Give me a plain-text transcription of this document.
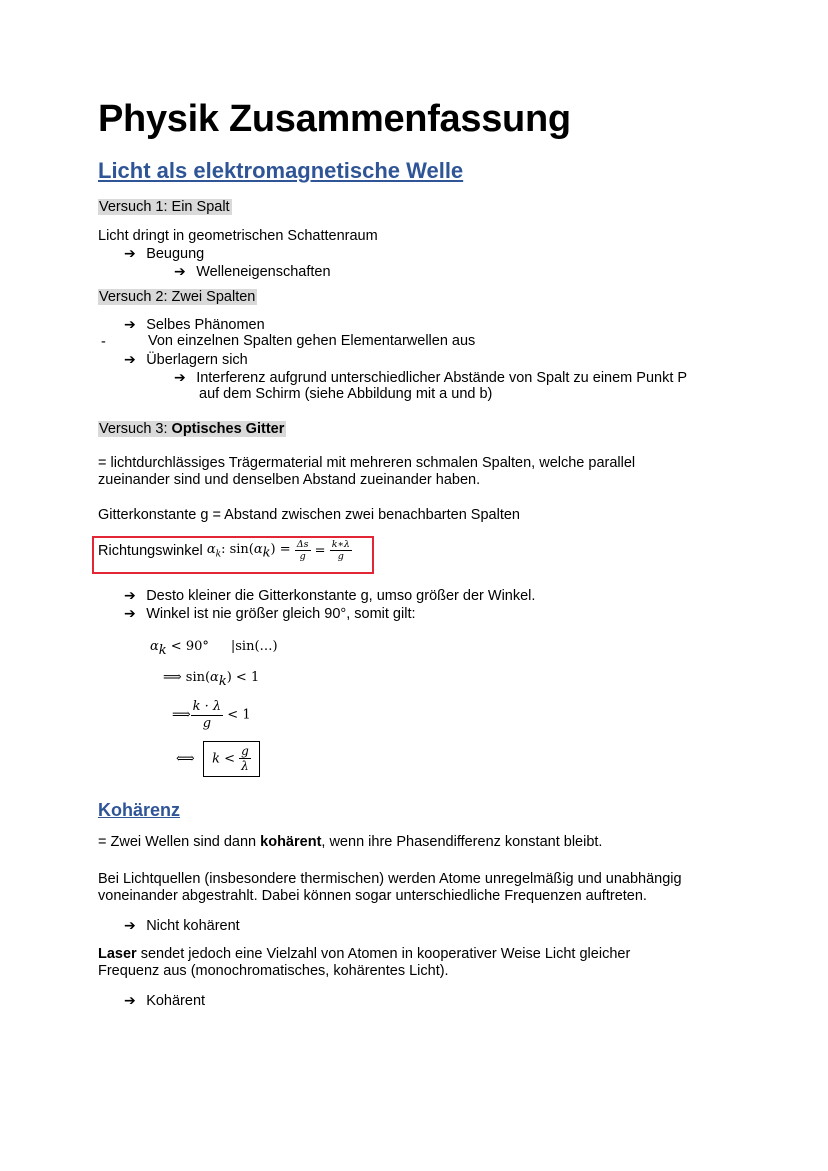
Physik Zusammenfassung
Licht als elektromagnetische Welle
Versuch 1: Ein Spalt
Licht dringt in geometrischen Schattenraum
➔ Beugung
➔ Welleneigenschaften
Versuch 2: Zwei Spalten
➔ Selbes Phänomen
-	Von einzelnen Spalten gehen Elementarwellen aus
➔ Überlagern sich
➔ Interferenz aufgrund unterschiedlicher Abstände von Spalt zu einem Punkt P
auf dem Schirm (siehe Abbildung mit a und b)
Versuch 3: Optisches Gitter
= lichtdurchlässiges Trägermaterial mit mehreren schmalen Spalten, welche parallel
zueinander sind und denselben Abstand zueinander haben.
Gitterkonstante g = Abstand zwischen zwei benachbarten Spalten
Richtungswinkel $\alpha_k$: $\sin(\alpha_k) = \frac{\Delta s}{g} = \frac{k∗\lambda}{g}$
➔ Desto kleiner die Gitterkonstante g, umso größer der Winkel.
➔ Winkel ist nie größer gleich 90°, somit gilt:
$\alpha_k < 90^\circ$ |sin(…)
⟹ $\sin(\alpha_k) < 1$
⟹ $\frac{k \cdot \lambda}{g} < 1$
⟺ $k < \frac{g}{\lambda}$
Kohärenz
= Zwei Wellen sind dann kohärent, wenn ihre Phasendifferenz konstant bleibt.
Bei Lichtquellen (insbesondere thermischen) werden Atome unregelmäßig und unabhängig
voneinander abgestrahlt. Dabei können sogar unterschiedliche Frequenzen auftreten.
➔ Nicht kohärent
Laser sendet jedoch eine Vielzahl von Atomen in kooperativer Weise Licht gleicher
Frequenz aus (monochromatisches, kohärentes Licht).
➔ Kohärent
